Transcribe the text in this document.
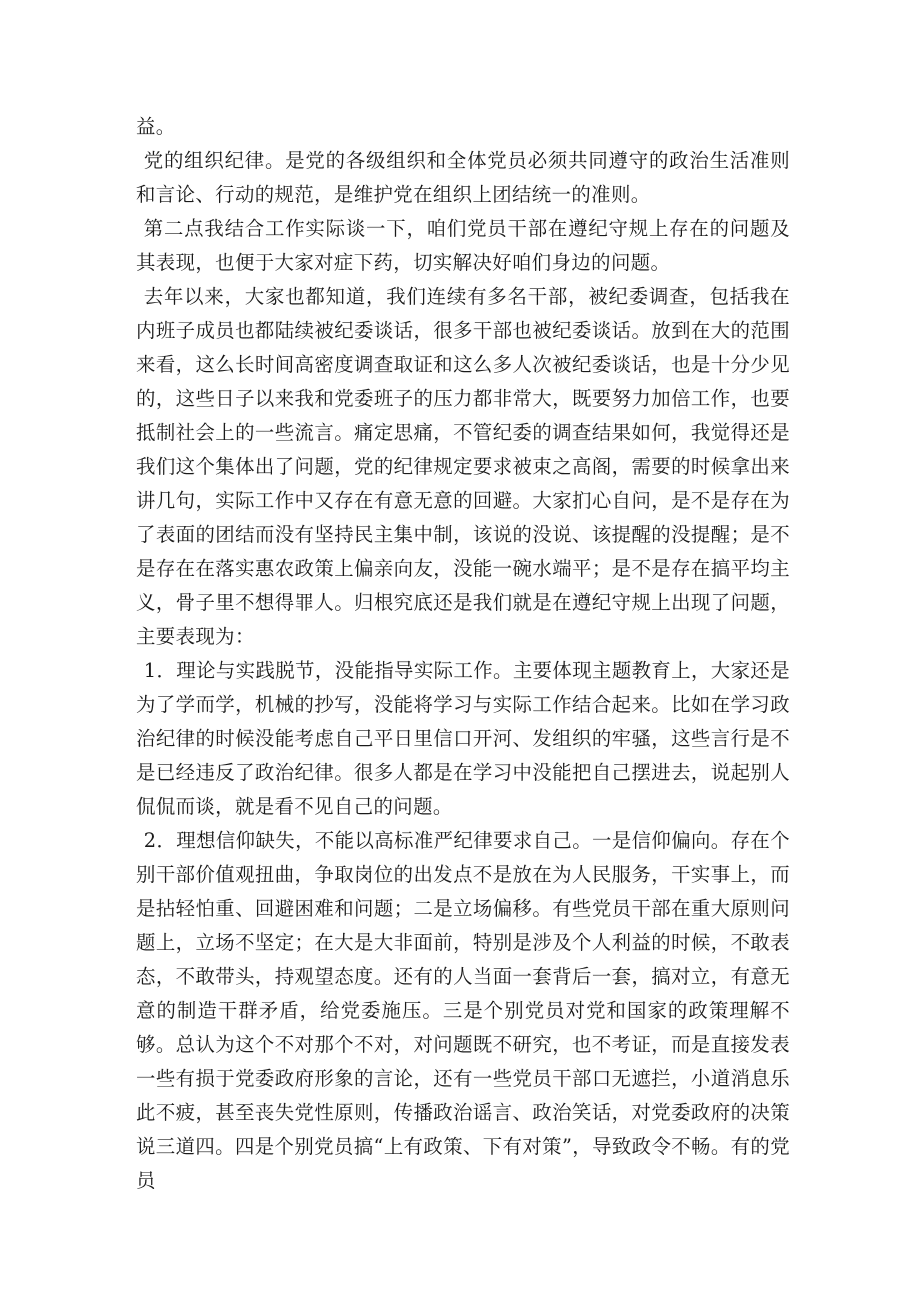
益。

党的组织纪律。是党的各级组织和全体党员必须共同遵守的政治生活准则和言论、行动的规范，是维护党在组织上团结统一的准则。

第二点我结合工作实际谈一下，咱们党员干部在遵纪守规上存在的问题及其表现，也便于大家对症下药，切实解决好咱们身边的问题。

去年以来，大家也都知道，我们连续有多名干部，被纪委调查，包括我在内班子成员也都陆续被纪委谈话，很多干部也被纪委谈话。放到在大的范围来看，这么长时间高密度调查取证和这么多人次被纪委谈话，也是十分少见的，这些日子以来我和党委班子的压力都非常大，既要努力加倍工作，也要抵制社会上的一些流言。痛定思痛，不管纪委的调查结果如何，我觉得还是我们这个集体出了问题，党的纪律规定要求被束之高阁，需要的时候拿出来讲几句，实际工作中又存在有意无意的回避。大家扪心自问，是不是存在为了表面的团结而没有坚持民主集中制，该说的没说、该提醒的没提醒；是不是存在在落实惠农政策上偏亲向友，没能一碗水端平；是不是存在搞平均主义，骨子里不想得罪人。归根究底还是我们就是在遵纪守规上出现了问题，主要表现为：

1．理论与实践脱节，没能指导实际工作。主要体现主题教育上，大家还是为了学而学，机械的抄写，没能将学习与实际工作结合起来。比如在学习政治纪律的时候没能考虑自己平日里信口开河、发组织的牢骚，这些言行是不是已经违反了政治纪律。很多人都是在学习中没能把自己摆进去，说起别人侃侃而谈，就是看不见自己的问题。

2．理想信仰缺失，不能以高标准严纪律要求自己。一是信仰偏向。存在个别干部价值观扭曲，争取岗位的出发点不是放在为人民服务，干实事上，而是拈轻怕重、回避困难和问题；二是立场偏移。有些党员干部在重大原则问题上，立场不坚定；在大是大非面前，特别是涉及个人利益的时候，不敢表态，不敢带头，持观望态度。还有的人当面一套背后一套，搞对立，有意无意的制造干群矛盾，给党委施压。三是个别党员对党和国家的政策理解不够。总认为这个不对那个不对，对问题既不研究，也不考证，而是直接发表一些有损于党委政府形象的言论，还有一些党员干部口无遮拦，小道消息乐此不疲，甚至丧失党性原则，传播政治谣言、政治笑话，对党委政府的决策说三道四。四是个别党员搞“上有政策、下有对策”，导致政令不畅。有的党员
